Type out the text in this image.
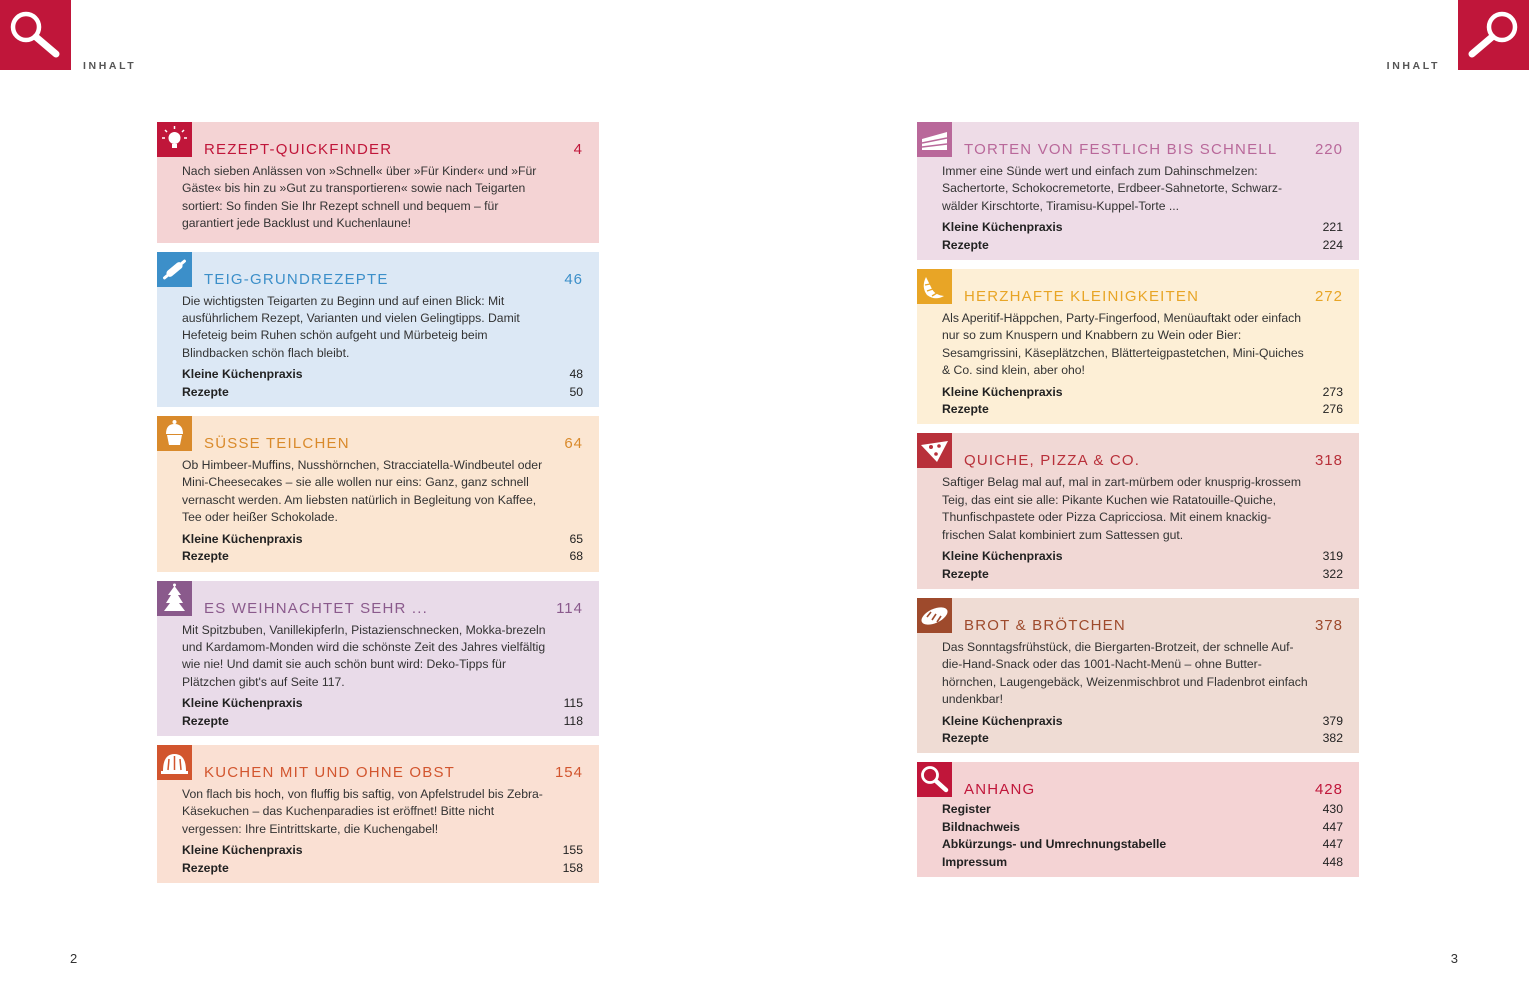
INHALT	INHALT
REZEPT-QUICKFINDER	4
Nach sieben Anlässen von »Schnell« über »Für Kinder« und »Für Gäste« bis hin zu »Gut zu transportieren« sowie nach Teigarten sortiert: So finden Sie Ihr Rezept schnell und bequem – für garantiert jede Backlust und Kuchenlaune!
TEIG-GRUNDREZEPTE	46
Die wichtigsten Teigarten zu Beginn und auf einen Blick: Mit ausführlichem Rezept, Varianten und vielen Gelingtipps. Damit Hefeteig beim Ruhen schön aufgeht und Mürbeteig beim Blindbacken schön flach bleibt.
Kleine Küchenpraxis	48
Rezepte	50
SÜSSE TEILCHEN	64
Ob Himbeer-Muffins, Nusshörnchen, Stracciatella-Windbeutel oder Mini-Cheesecakes – sie alle wollen nur eins: Ganz, ganz schnell vernascht werden. Am liebsten natürlich in Begleitung von Kaffee, Tee oder heißer Schokolade.
Kleine Küchenpraxis	65
Rezepte	68
ES WEIHNACHTET SEHR ...	114
Mit Spitzbuben, Vanillekipferln, Pistazienschnecken, Mokka-brezeln und Kardamom-Monden wird die schönste Zeit des Jahres vielfältig wie nie! Und damit sie auch schön bunt wird: Deko-Tipps für Plätzchen gibt's auf Seite 117.
Kleine Küchenpraxis	115
Rezepte	118
KUCHEN MIT UND OHNE OBST	154
Von flach bis hoch, von fluffig bis saftig, von Apfelstrudel bis Zebra-Käsekuchen – das Kuchenparadies ist eröffnet! Bitte nicht vergessen: Ihre Eintrittskarte, die Kuchengabel!
Kleine Küchenpraxis	155
Rezepte	158
TORTEN VON FESTLICH BIS SCHNELL	220
Immer eine Sünde wert und einfach zum Dahinschmelzen: Sachertorte, Schokocremetorte, Erdbeer-Sahnetorte, Schwarz-wälder Kirschtorte, Tiramisu-Kuppel-Torte ...
Kleine Küchenpraxis	221
Rezepte	224
HERZHAFTE KLEINIGKEITEN	272
Als Aperitif-Häppchen, Party-Fingerfood, Menüauftakt oder einfach nur so zum Knuspern und Knabbern zu Wein oder Bier: Sesamgrissini, Käseplätzchen, Blätterteigpastetchen, Mini-Quiches & Co. sind klein, aber oho!
Kleine Küchenpraxis	273
Rezepte	276
QUICHE, PIZZA & CO.	318
Saftiger Belag mal auf, mal in zart-mürbem oder knusprig-krossem Teig, das eint sie alle: Pikante Kuchen wie Ratatouille-Quiche, Thunfischpastete oder Pizza Capricciosa. Mit einem knackig-frischen Salat kombiniert zum Sattessen gut.
Kleine Küchenpraxis	319
Rezepte	322
BROT & BRÖTCHEN	378
Das Sonntagsfrühstück, die Biergarten-Brotzeit, der schnelle Auf-die-Hand-Snack oder das 1001-Nacht-Menü – ohne Butter-hörnchen, Laugengebäck, Weizenmischbrot und Fladenbrot einfach undenkbar!
Kleine Küchenpraxis	379
Rezepte	382
ANHANG	428
Register	430
Bildnachweis	447
Abkürzungs- und Umrechnungstabelle	447
Impressum	448
2	3
